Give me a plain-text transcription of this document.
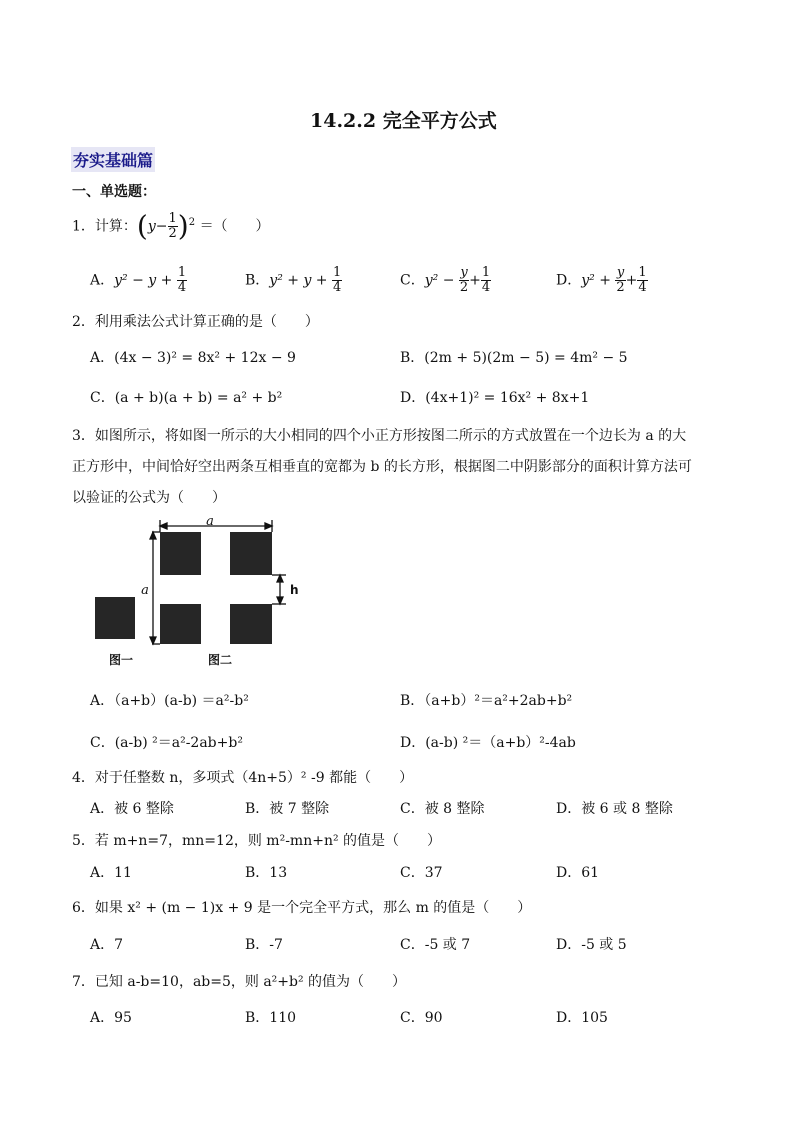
14.2.2 完全平方公式
夯实基础篇
一、单选题：
1．计算：$(y- \frac{1}{2} )^2$ ＝（　　）
A．$y^2 - y + \frac{1}{4}$	B．$y^2 + y + \frac{1}{4}$	C．$y^2 - \frac{y}{2} + \frac{1}{4}$	D．$y^2 + \frac{y}{2} + \frac{1}{4}$
2．利用乘法公式计算正确的是（　　）
A．(4x − 3)² = 8x² + 12x − 9	B．(2m + 5)(2m − 5) = 4m² − 5
C．(a + b)(a + b) = a² + b²	D．(4x+1)² = 16x² + 8x+1
3．如图所示，将如图一所示的大小相同的四个小正方形按图二所示的方式放置在一个边长为 a 的大
正方形中，中间恰好空出两条互相垂直的宽都为 b 的长方形，根据图二中阴影部分的面积计算方法可
以验证的公式为（　　）
a
a	h
图一	图二
A．（a+b）(a-b) ＝a²-b²	B．（a+b）²＝a²+2ab+b²
C．(a-b) ²＝a²-2ab+b²	D．(a-b) ²＝（a+b）²-4ab
4．对于任整数 n，多项式（4n+5）² -9 都能（　　）
A．被 6 整除	B．被 7 整除	C．被 8 整除	D．被 6 或 8 整除
5．若 m+n=7，mn=12，则 m²-mn+n² 的值是（　　）
A．11	B．13	C．37	D．61
6．如果 x² + (m − 1)x + 9 是一个完全平方式，那么 m 的值是（　　）
A．7	B．-7	C．-5 或 7	D．-5 或 5
7．已知 a-b=10，ab=5，则 a²+b² 的值为（　　）
A．95	B．110	C．90	D．105
